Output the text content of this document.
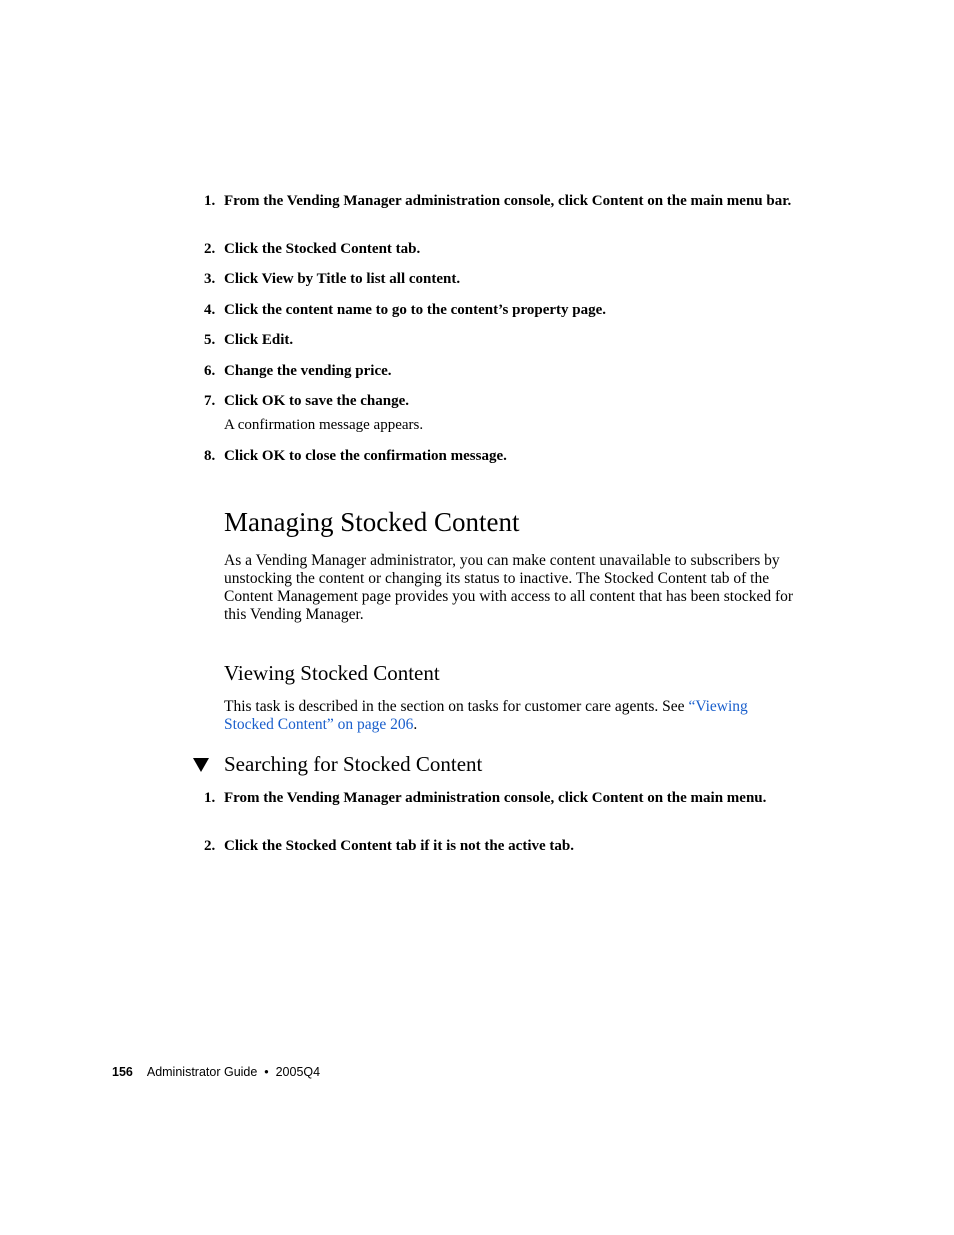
1. From the Vending Manager administration console, click Content on the main menu bar.
2. Click the Stocked Content tab.
3. Click View by Title to list all content.
4. Click the content name to go to the content’s property page.
5. Click Edit.
6. Change the vending price.
7. Click OK to save the change.
A confirmation message appears.
8. Click OK to close the confirmation message.
Managing Stocked Content
As a Vending Manager administrator, you can make content unavailable to subscribers by unstocking the content or changing its status to inactive. The Stocked Content tab of the Content Management page provides you with access to all content that has been stocked for this Vending Manager.
Viewing Stocked Content
This task is described in the section on tasks for customer care agents. See “Viewing Stocked Content” on page 206.
Searching for Stocked Content
1. From the Vending Manager administration console, click Content on the main menu.
2. Click the Stocked Content tab if it is not the active tab.
156 Administrator Guide  •  2005Q4
